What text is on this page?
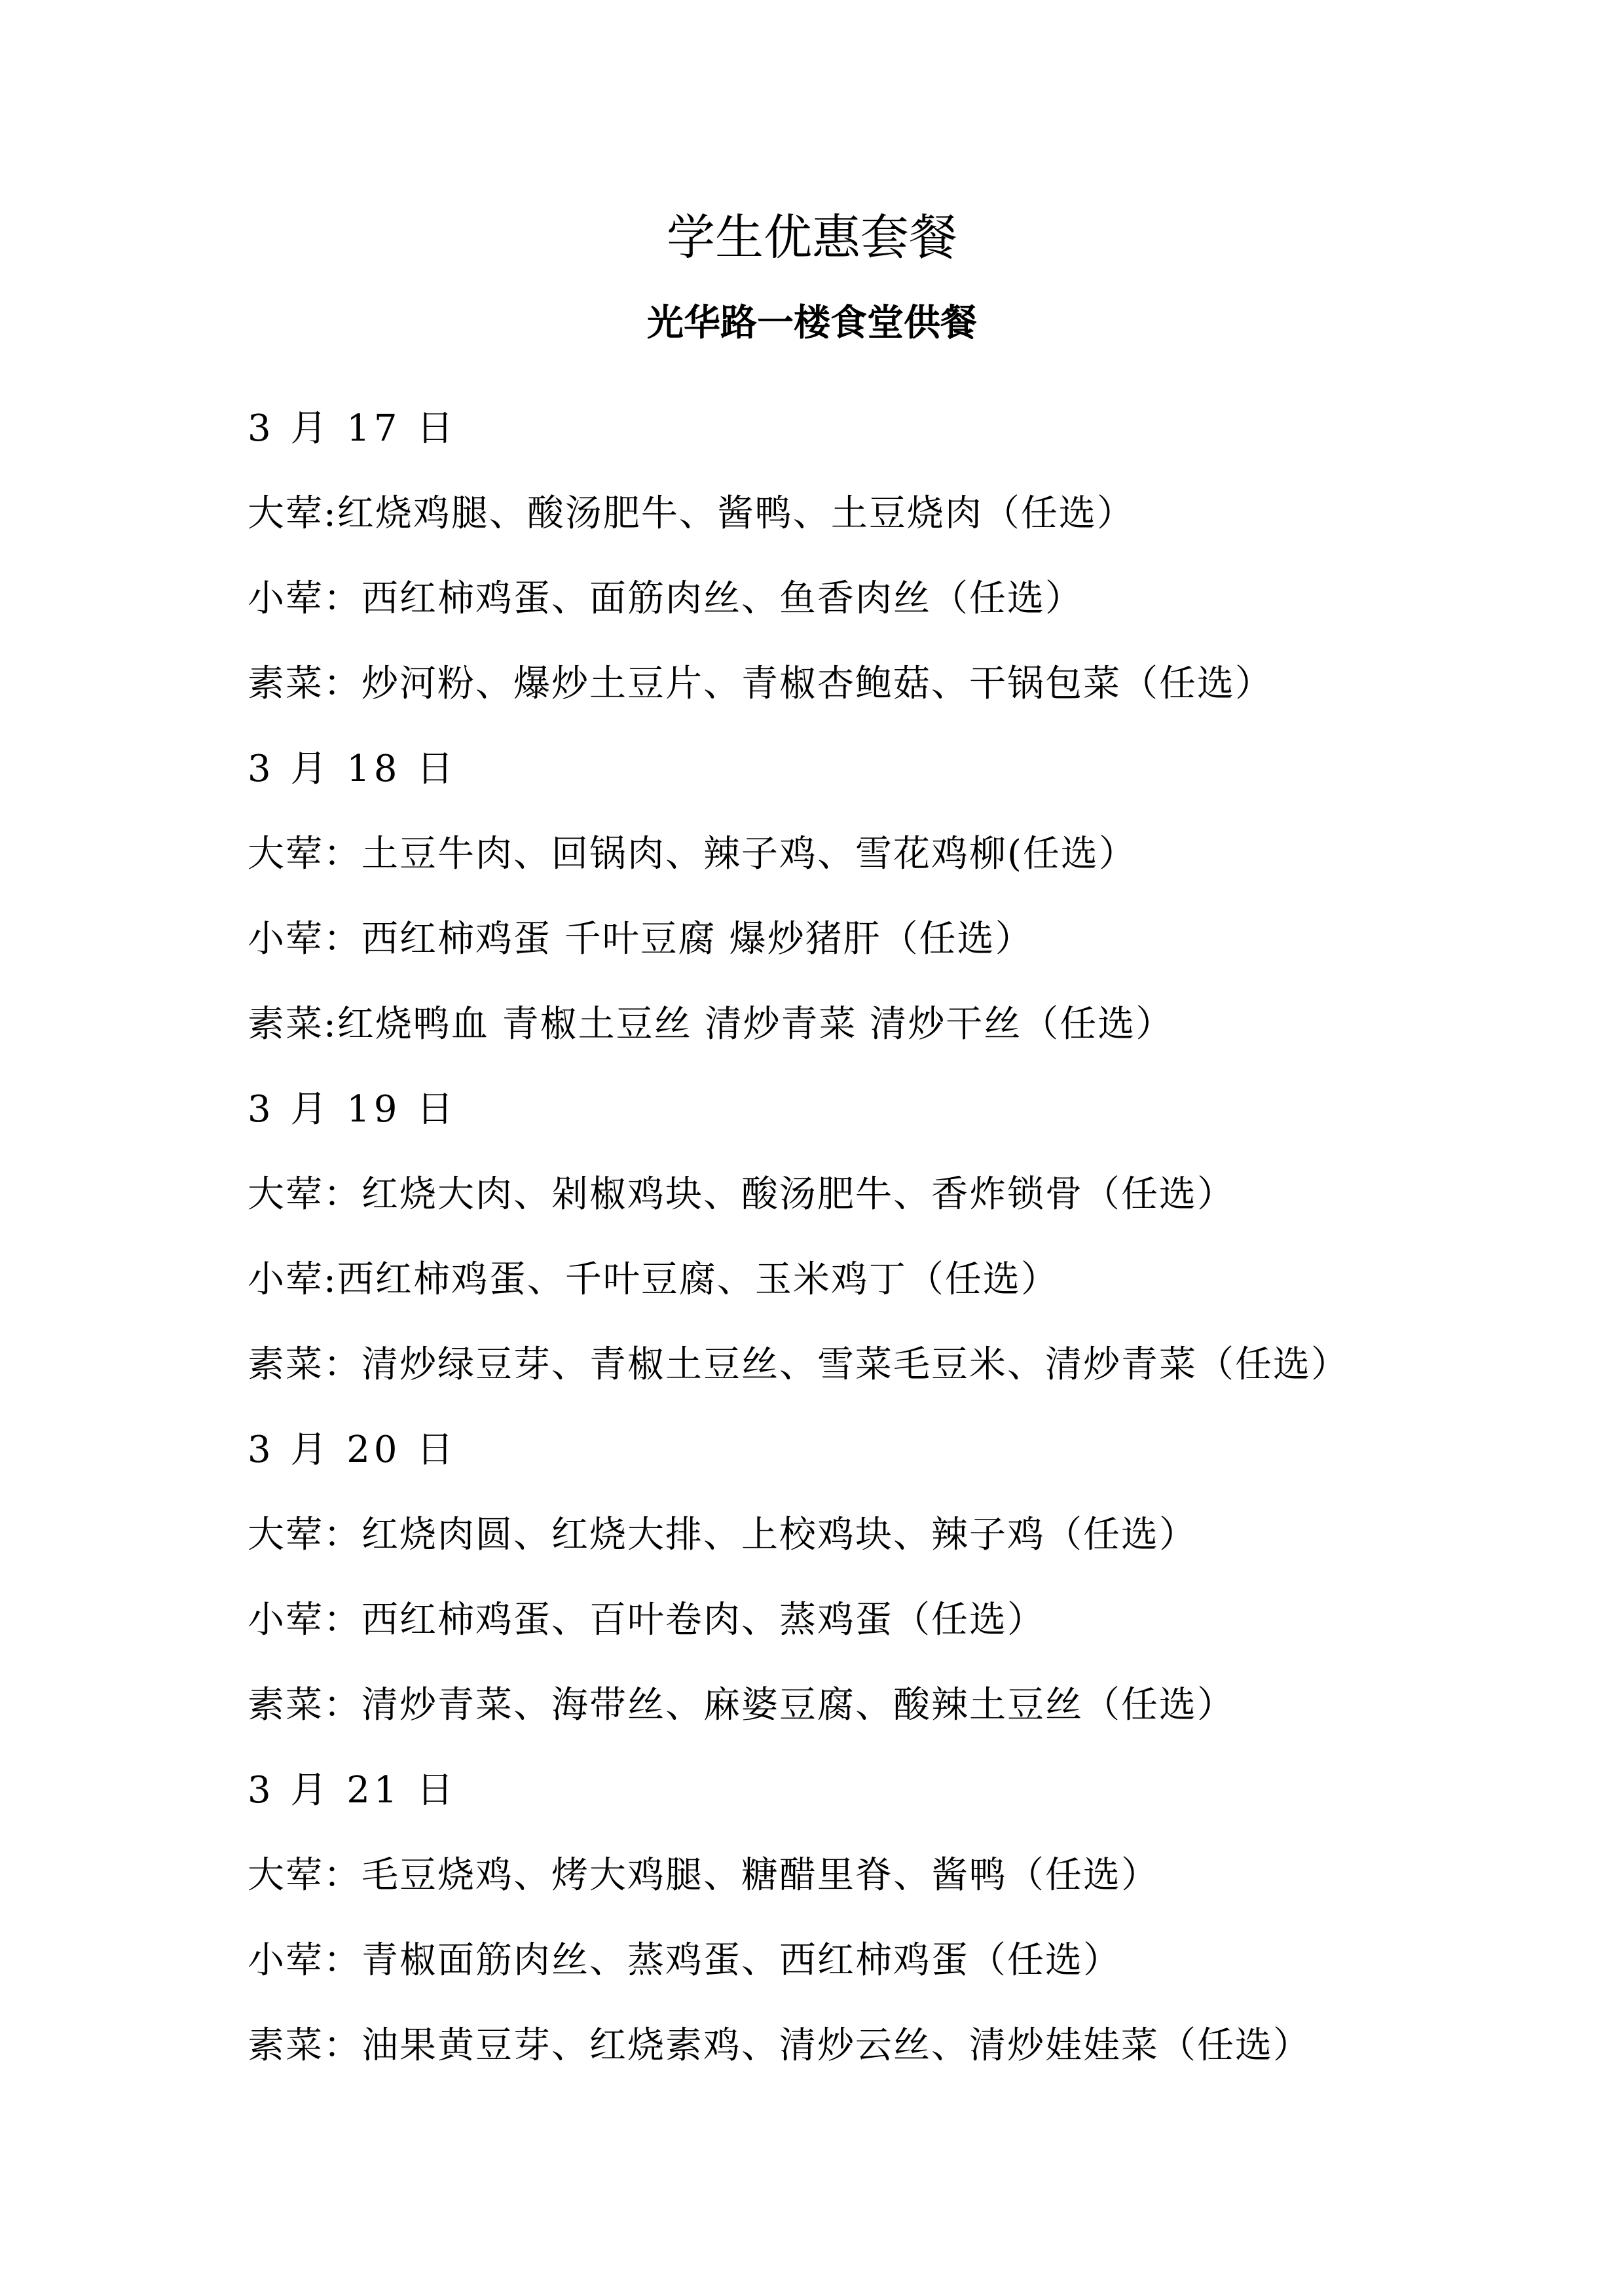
学生优惠套餐
光华路一楼食堂供餐
3 月 17 日
大荤:红烧鸡腿、酸汤肥牛、酱鸭、土豆烧肉（任选）
小荤：西红柿鸡蛋、面筋肉丝、鱼香肉丝（任选）
素菜：炒河粉、爆炒土豆片、青椒杏鲍菇、干锅包菜（任选）
3 月 18 日
大荤：土豆牛肉、回锅肉、辣子鸡、雪花鸡柳(任选）
小荤：西红柿鸡蛋 千叶豆腐 爆炒猪肝（任选）
素菜:红烧鸭血 青椒土豆丝 清炒青菜 清炒干丝（任选）
3 月 19 日
大荤：红烧大肉、剁椒鸡块、酸汤肥牛、香炸锁骨（任选）
小荤:西红柿鸡蛋、千叶豆腐、玉米鸡丁（任选）
素菜：清炒绿豆芽、青椒土豆丝、雪菜毛豆米、清炒青菜（任选）
3 月 20 日
大荤：红烧肉圆、红烧大排、上校鸡块、辣子鸡（任选）
小荤：西红柿鸡蛋、百叶卷肉、蒸鸡蛋（任选）
素菜：清炒青菜、海带丝、麻婆豆腐、酸辣土豆丝（任选）
3 月 21 日
大荤：毛豆烧鸡、烤大鸡腿、糖醋里脊、酱鸭（任选）
小荤：青椒面筋肉丝、蒸鸡蛋、西红柿鸡蛋（任选）
素菜：油果黄豆芽、红烧素鸡、清炒云丝、清炒娃娃菜（任选）
